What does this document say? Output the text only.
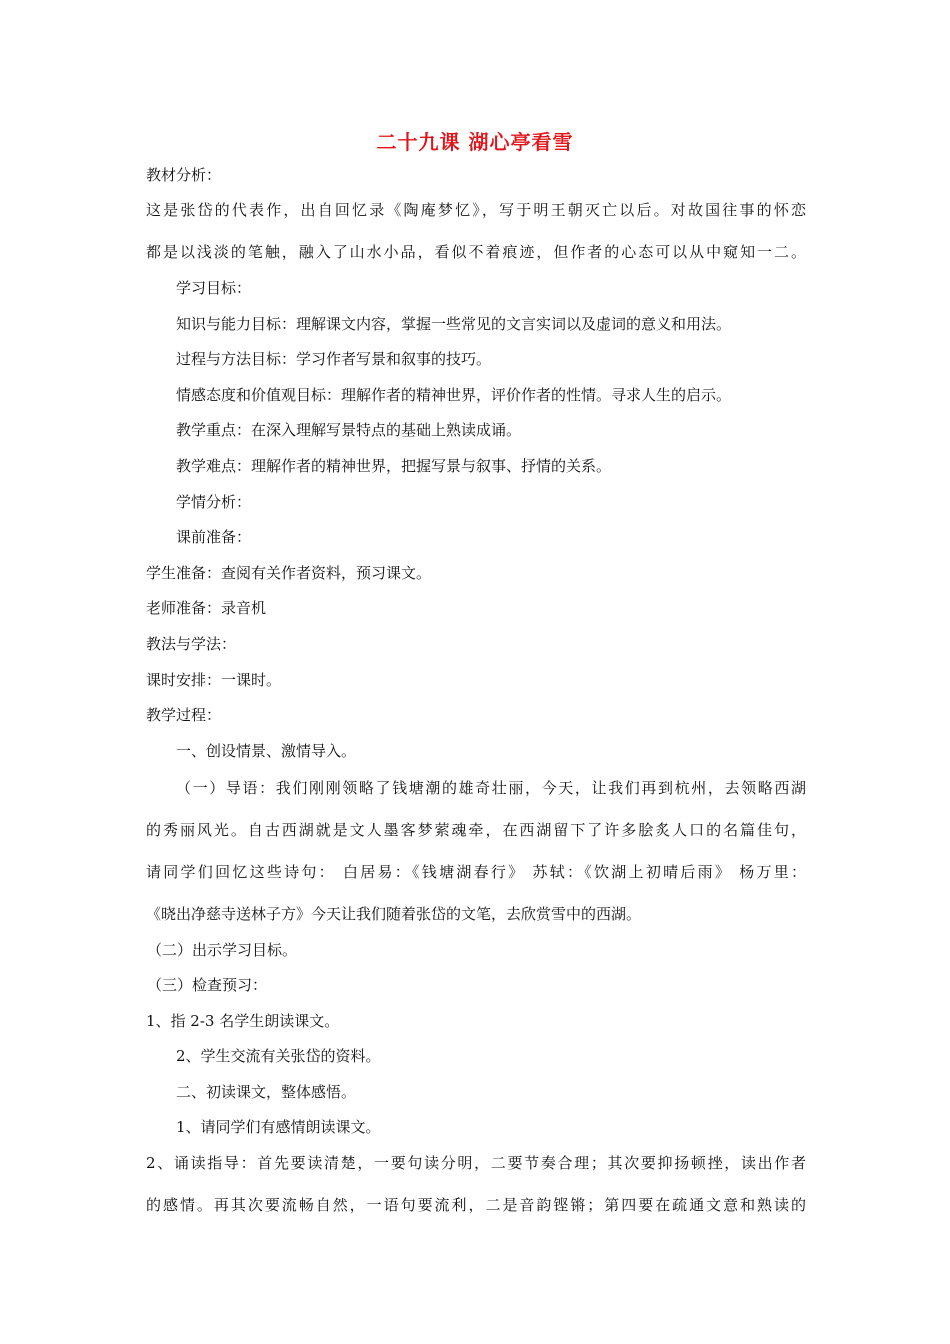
二十九课 湖心亭看雪
教材分析：
这是张岱的代表作，出自回忆录《陶庵梦忆》，写于明王朝灭亡以后。对故国往事的怀恋
都是以浅淡的笔触，融入了山水小品，看似不着痕迹，但作者的心态可以从中窥知一二。
学习目标：
知识与能力目标：理解课文内容，掌握一些常见的文言实词以及虚词的意义和用法。
过程与方法目标：学习作者写景和叙事的技巧。
情感态度和价值观目标：理解作者的精神世界，评价作者的性情。寻求人生的启示。
教学重点：在深入理解写景特点的基础上熟读成诵。
教学难点：理解作者的精神世界，把握写景与叙事、抒情的关系。
学情分析：
课前准备：
学生准备：查阅有关作者资料，预习课文。
老师准备：录音机
教法与学法：
课时安排：一课时。
教学过程：
一、创设情景、激情导入。
（一）导语：我们刚刚领略了钱塘潮的雄奇壮丽，今天，让我们再到杭州，去领略西湖
的秀丽风光。自古西湖就是文人墨客梦萦魂牵，在西湖留下了许多脍炙人口的名篇佳句，
请同学们回忆这些诗句： 白居易：《钱塘湖春行》 苏轼：《饮湖上初晴后雨》 杨万里：
《晓出净慈寺送林子方》今天让我们随着张岱的文笔，去欣赏雪中的西湖。
（二）出示学习目标。
（三）检查预习：
1、指 2-3 名学生朗读课文。
2、学生交流有关张岱的资料。
二、初读课文，整体感悟。
1、请同学们有感情朗读课文。
2、诵读指导：首先要读清楚，一要句读分明，二要节奏合理；其次要抑扬顿挫，读出作者
的感情。再其次要流畅自然，一语句要流利，二是音韵铿锵；第四要在疏通文意和熟读的
